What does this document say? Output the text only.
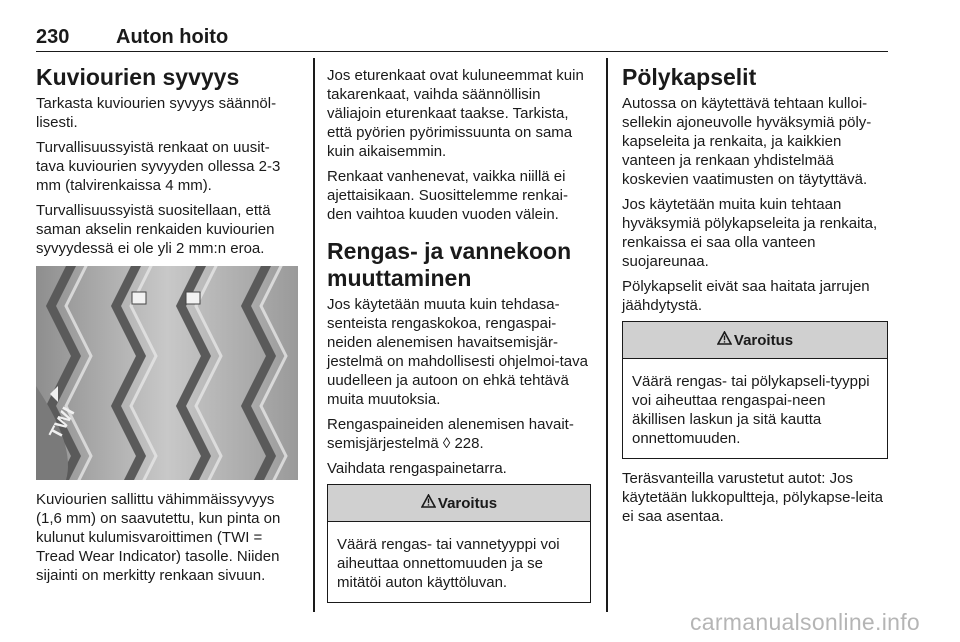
230 Auton hoito
Kuviourien syvyys

Tarkasta kuviourien syvyys säännöl‐lisesti.

Turvallisuussyistä renkaat on uusit‐tava kuviourien syvyyden ollessa 2-3 mm (talvirenkaissa 4 mm).

Turvallisuussyistä suositellaan, että saman akselin renkaiden kuviourien syvyydessä ei ole yli 2 mm:n eroa.

TWI

Kuviourien sallittu vähimmäissyvyys (1,6 mm) on saavutettu, kun pinta on kulunut kulumisvaroittimen (TWI = Tread Wear Indicator) tasolle. Niiden sijainti on merkitty renkaan sivuun.

Jos eturenkaat ovat kuluneemmat kuin takarenkaat, vaihda säännöllisin väliajoin eturenkaat taakse. Tarkista, että pyörien pyörimissuunta on sama kuin aikaisemmin.

Renkaat vanhenevat, vaikka niillä ei ajettaisikaan. Suosittelemme renkai‐den vaihtoa kuuden vuoden välein.

Rengas- ja vannekoon muuttaminen

Jos käytetään muuta kuin tehdasa‐senteista rengaskokoa, rengaspai‐neiden alenemisen havaitsemisjär‐jestelmä on mahdollisesti ohjelmoi‐tava uudelleen ja autoon on ehkä tehtävä muita muutoksia.

Rengaspaineiden alenemisen havait‐semisjärjestelmä ◊ 228.

Vaihdata rengaspainetarra.

Varoitus
Väärä rengas- tai vannetyyppi voi aiheuttaa onnettomuuden ja se mitätöi auton käyttöluvan.
Pölykapselit

Autossa on käytettävä tehtaan kulloi‐sellekin ajoneuvolle hyväksymiä pöly‐kapseleita ja renkaita, ja kaikkien vanteen ja renkaan yhdistelmää koskevien vaatimusten on täytyttävä.

Jos käytetään muita kuin tehtaan hyväksymiä pölykapseleita ja renkaita, renkaissa ei saa olla vanteen suojareunaa.

Pölykapselit eivät saa haitata jarrujen jäähdytystä.

Varoitus
Väärä rengas- tai pölykapseli‐tyyppi voi aiheuttaa rengaspai‐neen äkillisen laskun ja sitä kautta onnettomuuden.

Teräsvanteilla varustetut autot: Jos käytetään lukkopultteja, pölykapse‐leita ei saa asentaa.

carmanualsonline.info
